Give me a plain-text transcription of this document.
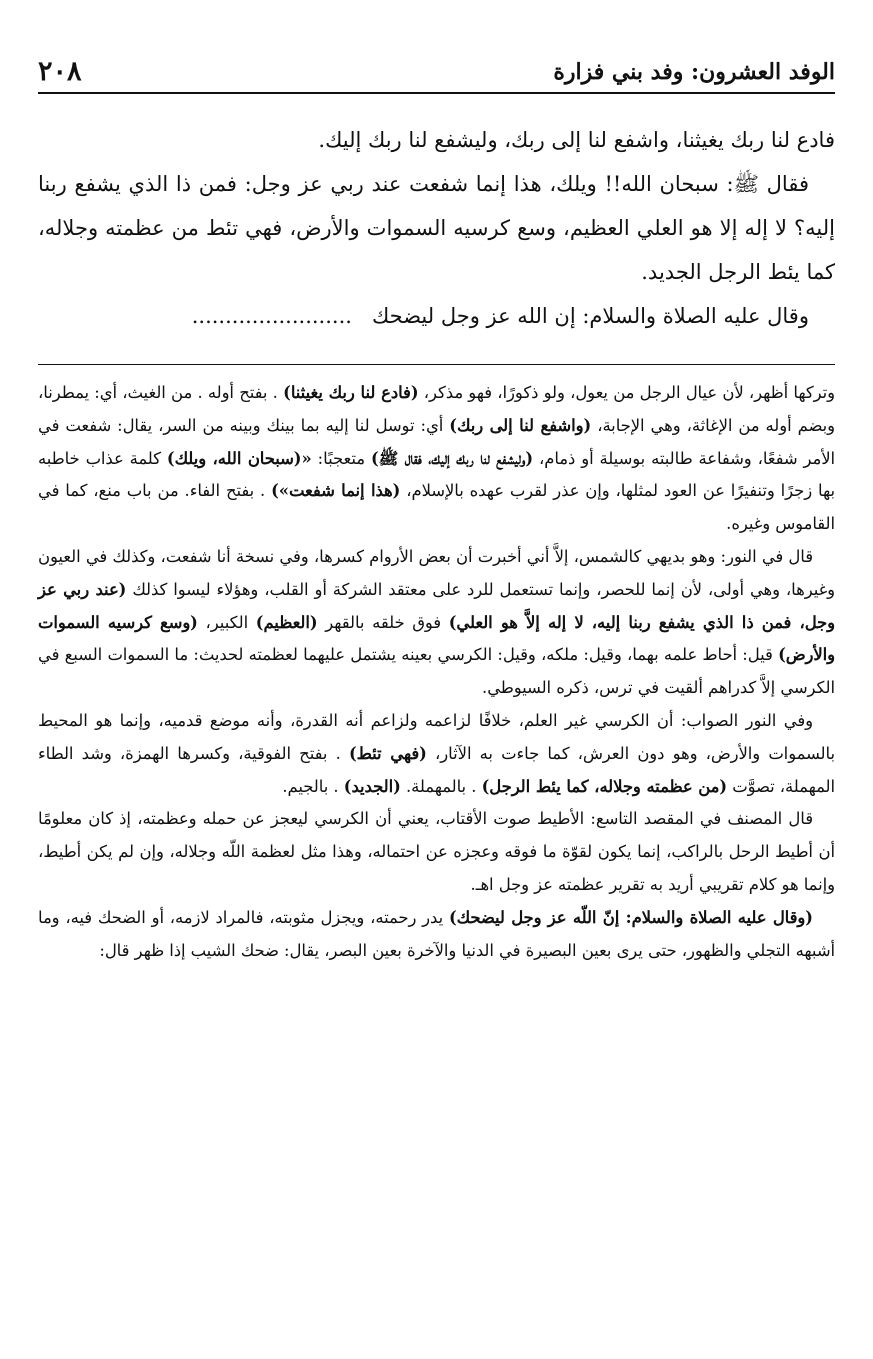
الوفد العشرون: وفد بني فزارة
٢٠٨

فادع لنا ربك يغيثنا، واشفع لنا إلى ربك، وليشفع لنا ربك إليك.

فقال ﷺ: سبحان الله!! ويلك، هذا إنما شفعت عند ربي عز وجل: فمن ذا الذي يشفع ربنا إليه؟ لا إله إلا هو العلي العظيم، وسع كرسيه السموات والأرض، فهي تئط من عظمته وجلاله، كما يئط الرجل الجديد.

وقال عليه الصلاة والسلام: إن الله عز وجل ليضحك........................

وتركها أظهر، لأن عيال الرجل من يعول، ولو ذكورًا، فهو مذكر، (فادع لنا ربك يغيثنا) . بفتح أوله . من الغيث، أي: يمطرنا، وبضم أوله من الإغاثة، وهي الإجابة، (واشفع لنا إلى ربك) أي: توسل لنا إليه بما بينك وبينه من السر، يقال: شفعت في الأمر شفعًا، وشفاعة طالبته بوسيلة أو ذمام، (وليشفع لنا ربك إليك، فقال ﷺ) متعجبًا: «(سبحان الله، ويلك) كلمة عذاب خاطبه بها زجرًا وتنفيرًا عن العود لمثلها، وإن عذر لقرب عهده بالإسلام، (هذا إنما شفعت») . بفتح الفاء. من باب منع، كما في القاموس وغيره.

قال في النور: وهو بديهي كالشمس، إلاَّ أني أخبرت أن بعض الأروام كسرها، وفي نسخة أنا شفعت، وكذلك في العيون وغيرها، وهي أولى، لأن إنما للحصر، وإنما تستعمل للرد على معتقد الشركة أو القلب، وهؤلاء ليسوا كذلك (عند ربي عز وجل، فمن ذا الذي يشفع ربنا إليه، لا إله إلاَّ هو العلي) فوق خلقه بالقهر (العظيم) الكبير، (وسع كرسيه السموات والأرض) قيل: أحاط علمه بهما، وقيل: ملكه، وقيل: الكرسي بعينه يشتمل عليهما لعظمته لحديث: ما السموات السبع في الكرسي إلاَّ كدراهم ألقيت في ترس، ذكره السيوطي.

وفي النور الصواب: أن الكرسي غير العلم، خلافًا لزاعمه ولزاعم أنه القدرة، وأنه موضع قدميه، وإنما هو المحيط بالسموات والأرض، وهو دون العرش، كما جاءت به الآثار، (فهي تئط) . بفتح الفوقية، وكسرها الهمزة، وشد الطاء المهملة، تصوَّت (من عظمته وجلاله، كما يئط الرجل) . بالمهملة. (الجديد) . بالجيم.

قال المصنف في المقصد التاسع: الأطيط صوت الأقتاب، يعني أن الكرسي ليعجز عن حمله وعظمته، إذ كان معلومًا أن أطيط الرحل بالراكب، إنما يكون لقوّة ما فوقه وعجزه عن احتماله، وهذا مثل لعظمة اللّه وجلاله، وإن لم يكن أطيط، وإنما هو كلام تقريبي أريد به تقرير عظمته عز وجل اهـ.

(وقال عليه الصلاة والسلام: إنّ اللّه عز وجل ليضحك) يدر رحمته، ويجزل مثوبته، فالمراد لازمه، أو الضحك فيه، وما أشبهه التجلي والظهور، حتى يرى بعين البصيرة في الدنيا والآخرة بعين البصر، يقال: ضحك الشيب إذا ظهر قال:
